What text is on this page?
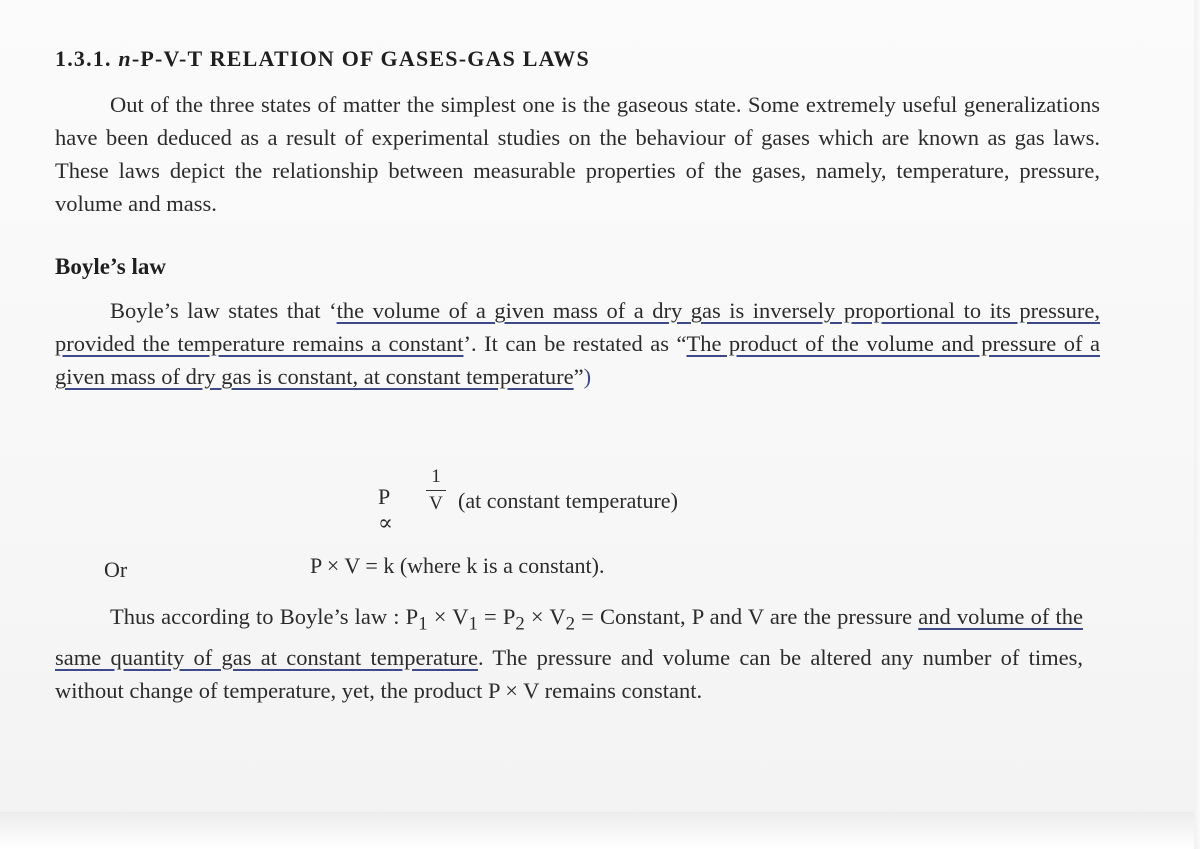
1.3.1. n-P-V-T RELATION OF GASES-GAS LAWS

Out of the three states of matter the simplest one is the gaseous state. Some extremely useful generalizations have been deduced as a result of experimental studies on the behaviour of gases which are known as gas laws. These laws depict the relationship between measurable properties of the gases, namely, temperature, pressure, volume and mass.

Boyle’s law

Boyle’s law states that ‘the volume of a given mass of a dry gas is inversely proportional to its pressure, provided the temperature remains a constant’. It can be restated as “The product of the volume and pressure of a given mass of dry gas is constant, at constant temperature”)

P ∝
1
V (at constant temperature)
Or	P × V = k (where k is a constant).

Thus according to Boyle’s law : $P_1 \times V_1 = P_2 \times V_2$ = Constant, P and V are the pressure and volume of the same quantity of gas at constant temperature. The pressure and volume can be altered any number of times, without change of temperature, yet, the product P × V remains constant.
